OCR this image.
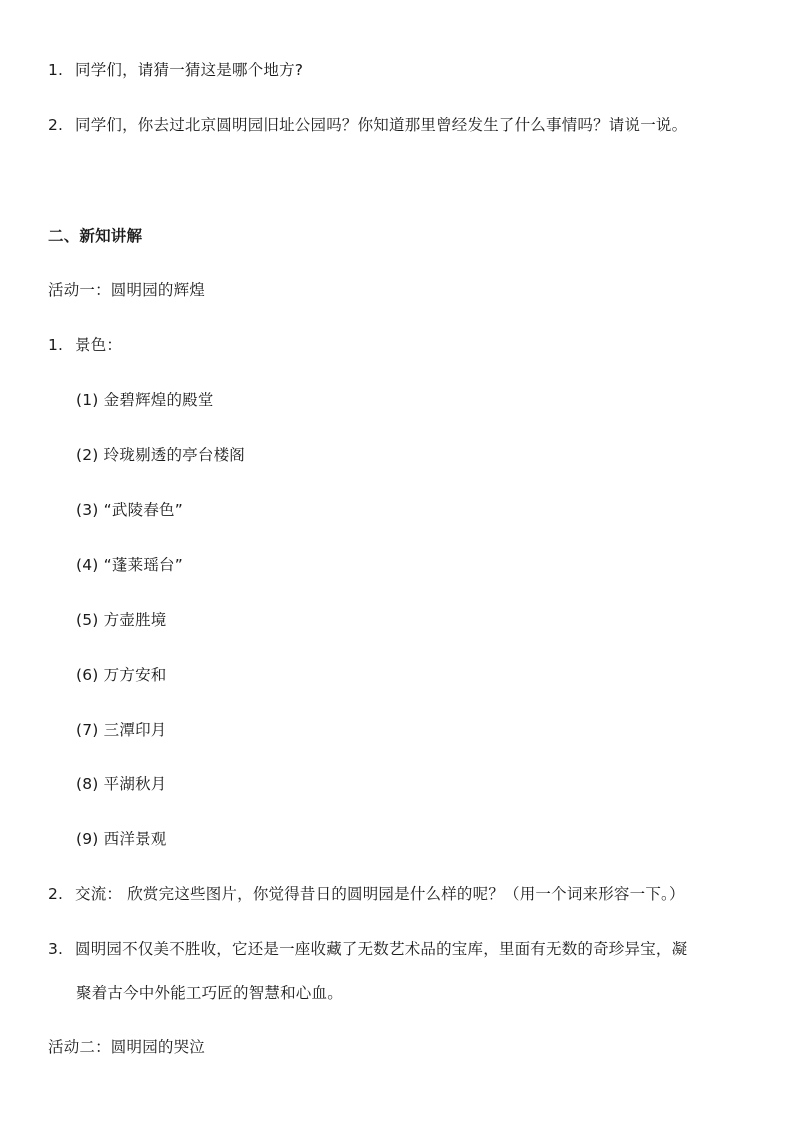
1. 同学们，请猜一猜这是哪个地方?
2. 同学们，你去过北京圆明园旧址公园吗？你知道那里曾经发生了什么事情吗？请说一说。
二、新知讲解
活动一：圆明园的辉煌
1. 景色：
(1) 金碧辉煌的殿堂
(2) 玲珑剔透的亭台楼阁
(3) “武陵春色”
(4) “蓬莱瑶台”
(5) 方壶胜境
(6) 万方安和
(7) 三潭印月
(8) 平湖秋月
(9) 西洋景观
2. 交流： 欣赏完这些图片，你觉得昔日的圆明园是什么样的呢？（用一个词来形容一下。）
3. 圆明园不仅美不胜收，它还是一座收藏了无数艺术品的宝库，里面有无数的奇珍异宝，凝
聚着古今中外能工巧匠的智慧和心血。
活动二：圆明园的哭泣
